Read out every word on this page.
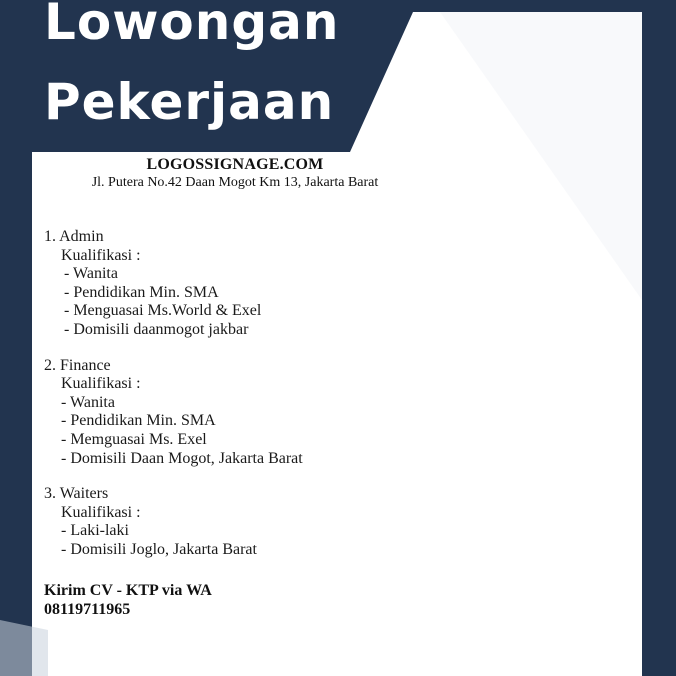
Lowongan
Pekerjaan

LOGOSSIGNAGE.COM

Jl. Putera No.42 Daan Mogot Km 13, Jakarta Barat

1. Admin
Kualifikasi :
- Wanita
- Pendidikan Min. SMA
- Menguasai Ms.World & Exel
- Domisili daanmogot jakbar
2. Finance
Kualifikasi :
- Wanita
- Pendidikan Min. SMA
- Memguasai Ms. Exel
- Domisili Daan Mogot, Jakarta Barat
3. Waiters
Kualifikasi :
- Laki-laki
- Domisili Joglo, Jakarta Barat
Kirim CV - KTP via WA
08119711965
